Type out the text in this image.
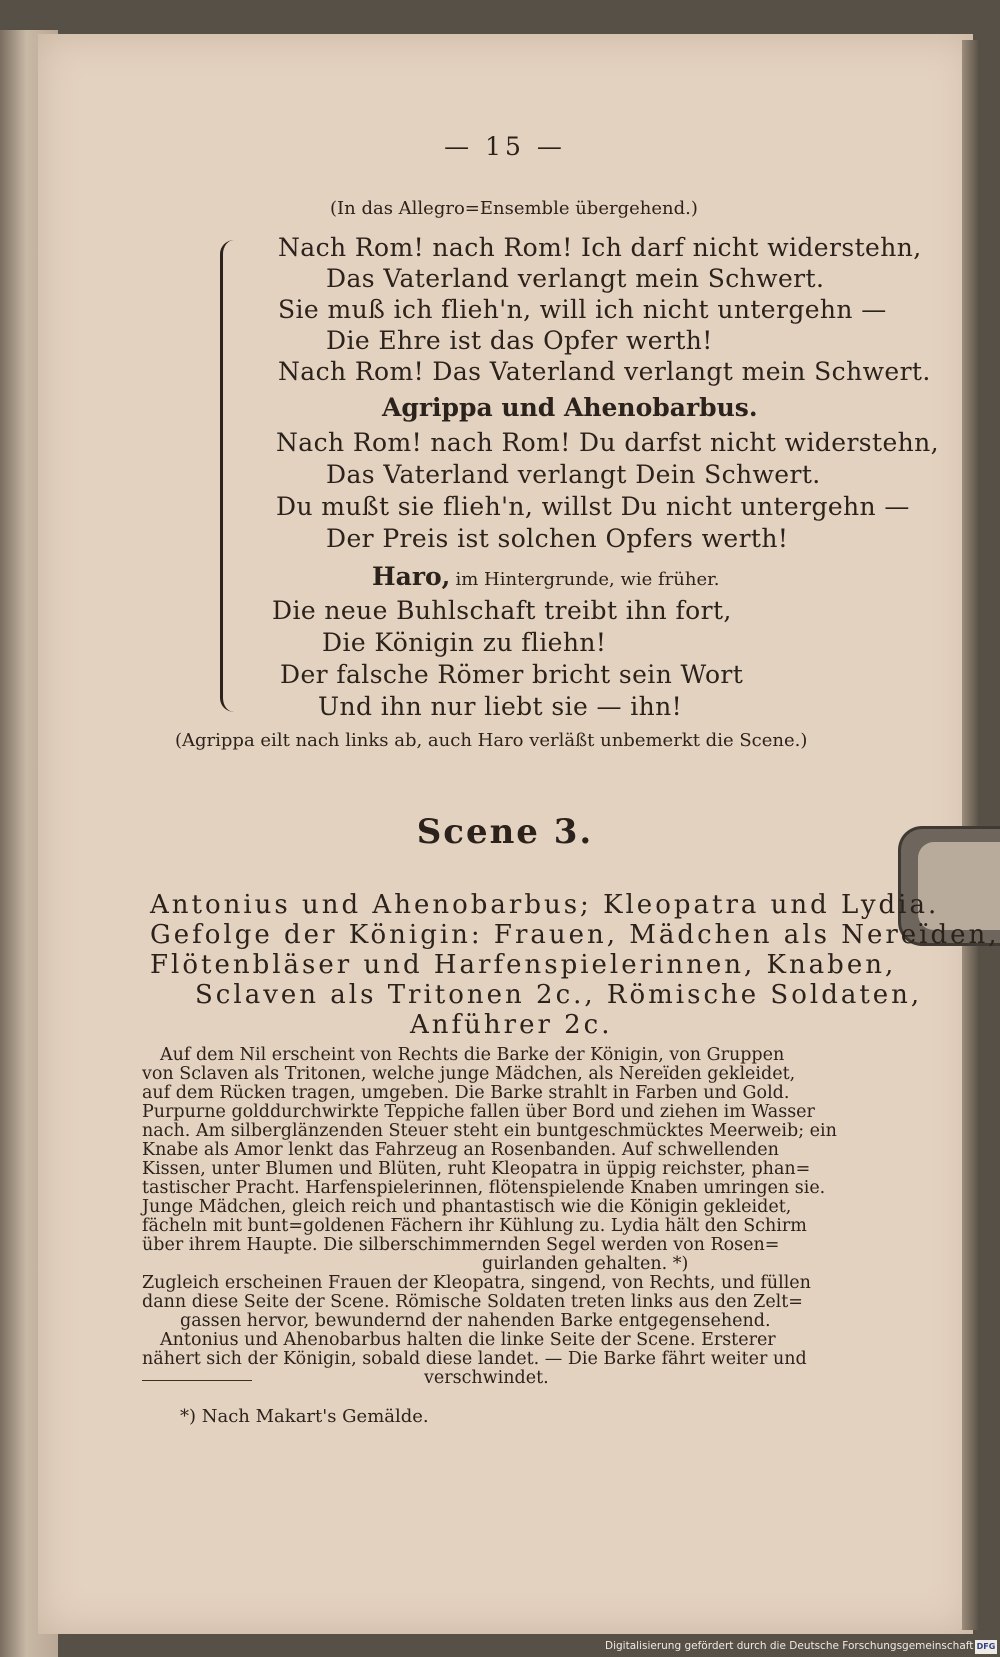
— 15 —
(In das Allegro=Ensemble übergehend.)
Nach Rom! nach Rom! Ich darf nicht widerstehn,
Das Vaterland verlangt mein Schwert.
Sie muß ich flieh'n, will ich nicht untergehn —
Die Ehre ist das Opfer werth!
Nach Rom! Das Vaterland verlangt mein Schwert.
Agrippa und Ahenobarbus.
Nach Rom! nach Rom! Du darfst nicht widerstehn,
Das Vaterland verlangt Dein Schwert.
Du mußt sie flieh'n, willst Du nicht untergehn —
Der Preis ist solchen Opfers werth!
Haro, im Hintergrunde, wie früher.
Die neue Buhlschaft treibt ihn fort,
Die Königin zu fliehn!
Der falsche Römer bricht sein Wort
Und ihn nur liebt sie — ihn!
(Agrippa eilt nach links ab, auch Haro verläßt unbemerkt die Scene.)
Scene 3.
Antonius und Ahenobarbus; Kleopatra und Lydia.
Gefolge der Königin: Frauen, Mädchen als Nereïden,
Flötenbläser und Harfenspielerinnen, Knaben,
Sclaven als Tritonen 2c., Römische Soldaten,
Anführer 2c.
Auf dem Nil erscheint von Rechts die Barke der Königin, von Gruppen
von Sclaven als Tritonen, welche junge Mädchen, als Nereïden gekleidet,
auf dem Rücken tragen, umgeben. Die Barke strahlt in Farben und Gold.
Purpurne golddurchwirkte Teppiche fallen über Bord und ziehen im Wasser
nach. Am silberglänzenden Steuer steht ein buntgeschmücktes Meerweib; ein
Knabe als Amor lenkt das Fahrzeug an Rosenbanden. Auf schwellenden
Kissen, unter Blumen und Blüten, ruht Kleopatra in üppig reichster, phan=
tastischer Pracht. Harfenspielerinnen, flötenspielende Knaben umringen sie.
Junge Mädchen, gleich reich und phantastisch wie die Königin gekleidet,
fächeln mit bunt=goldenen Fächern ihr Kühlung zu. Lydia hält den Schirm
über ihrem Haupte. Die silberschimmernden Segel werden von Rosen=
guirlanden gehalten. *)
Zugleich erscheinen Frauen der Kleopatra, singend, von Rechts, und füllen
dann diese Seite der Scene. Römische Soldaten treten links aus den Zelt=
gassen hervor, bewundernd der nahenden Barke entgegensehend.
Antonius und Ahenobarbus halten die linke Seite der Scene. Ersterer
nähert sich der Königin, sobald diese landet. — Die Barke fährt weiter und
verschwindet.
*) Nach Makart's Gemälde.
Digitalisierung gefördert durch die Deutsche Forschungsgemeinschaft DFG
